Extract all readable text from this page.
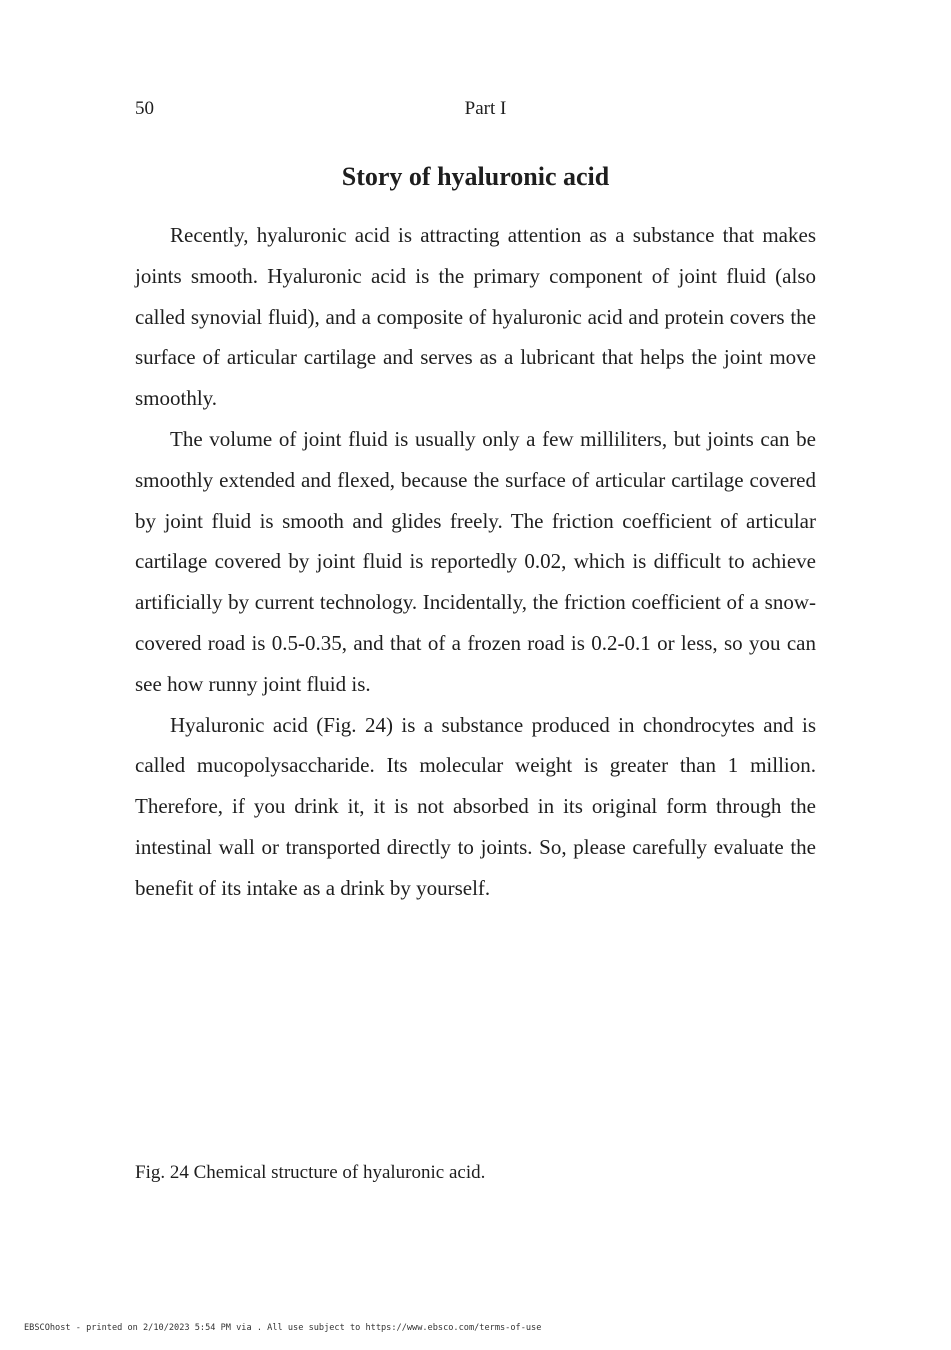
50	Part I
Story of hyaluronic acid

Recently, hyaluronic acid is attracting attention as a substance that makes joints smooth. Hyaluronic acid is the primary component of joint fluid (also called synovial fluid), and a composite of hyaluronic acid and protein covers the surface of articular cartilage and serves as a lubricant that helps the joint move smoothly.

The volume of joint fluid is usually only a few milliliters, but joints can be smoothly extended and flexed, because the surface of articular cartilage covered by joint fluid is smooth and glides freely. The friction coefficient of articular cartilage covered by joint fluid is reportedly 0.02, which is difficult to achieve artificially by current technology. Incidentally, the friction coefficient of a snow-covered road is 0.5-0.35, and that of a frozen road is 0.2-0.1 or less, so you can see how runny joint fluid is.

Hyaluronic acid (Fig. 24) is a substance produced in chondrocytes and is called mucopolysaccharide. Its molecular weight is greater than 1 million. Therefore, if you drink it, it is not absorbed in its original form through the intestinal wall or transported directly to joints. So, please carefully evaluate the benefit of its intake as a drink by yourself.

Fig. 24 Chemical structure of hyaluronic acid.
EBSCOhost - printed on 2/10/2023 5:54 PM via . All use subject to https://www.ebsco.com/terms-of-use
